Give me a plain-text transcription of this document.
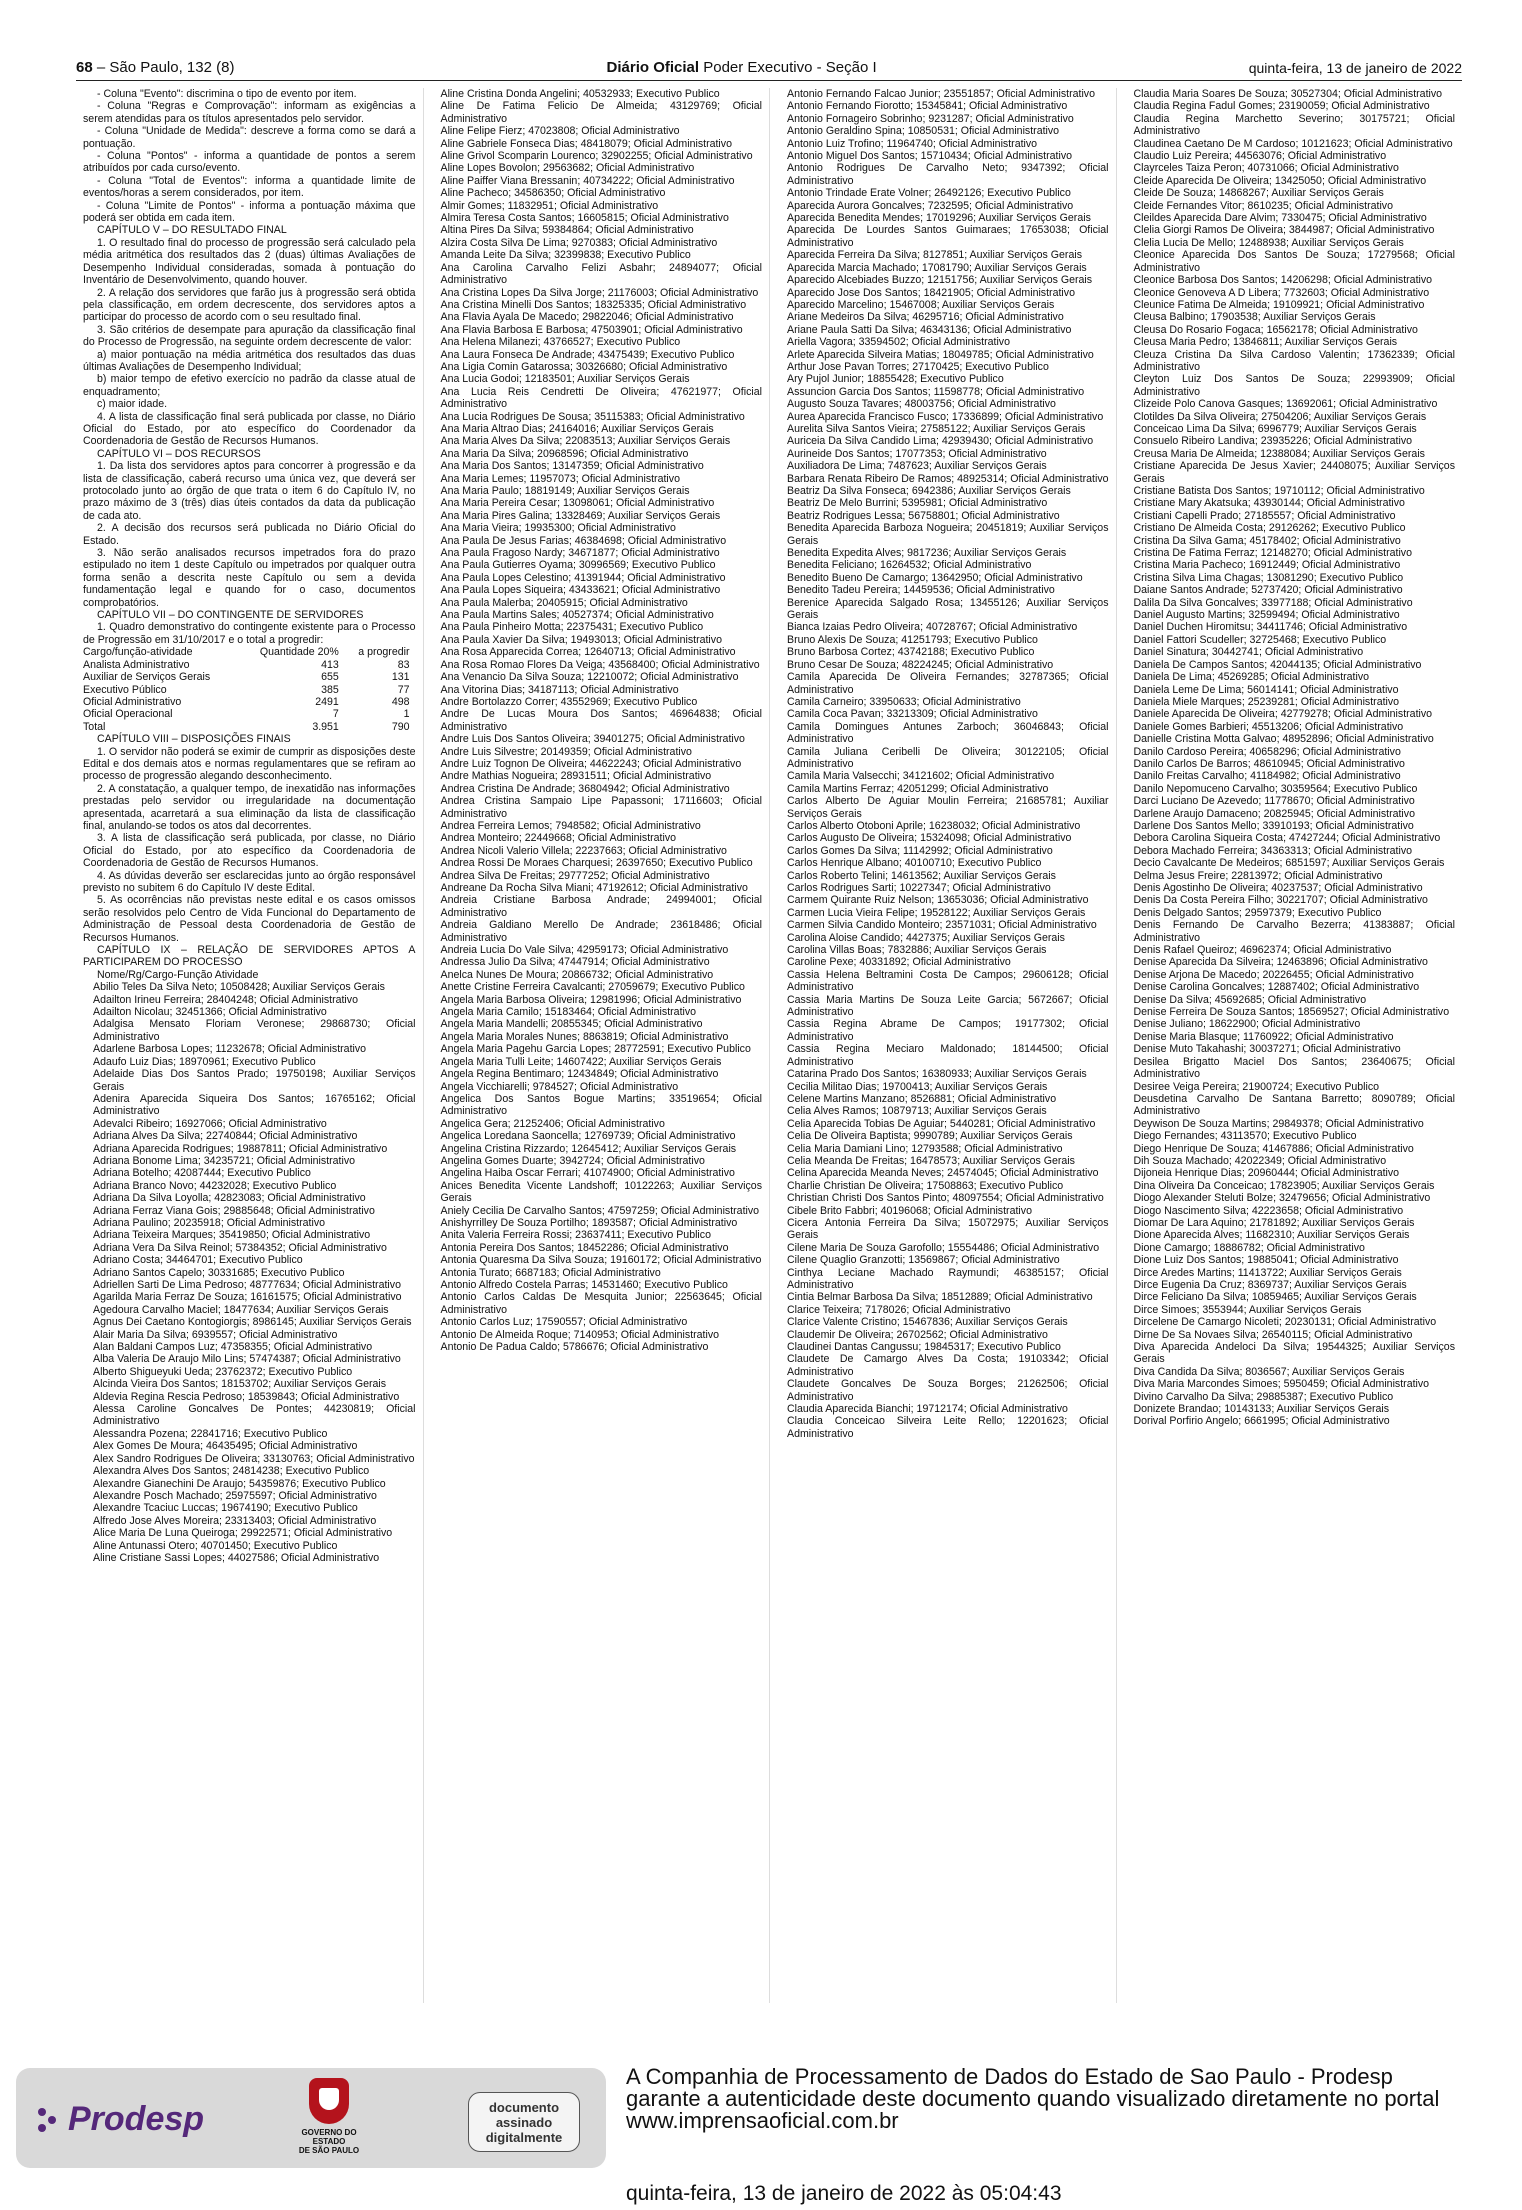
68 – São Paulo, 132 (8)	Diário Oficial Poder Executivo - Seção I	quinta-feira, 13 de janeiro de 2022

- Coluna "Evento": discrimina o tipo de evento por item.

- Coluna "Regras e Comprovação": informam as exigências a serem atendidas para os títulos apresentados pelo servidor.

- Coluna "Unidade de Medida": descreve a forma como se dará a pontuação.

- Coluna "Pontos" - informa a quantidade de pontos a serem atribuídos por cada curso/evento.

- Coluna "Total de Eventos": informa a quantidade limite de eventos/horas a serem considerados, por item.

- Coluna "Limite de Pontos" - informa a pontuação máxima que poderá ser obtida em cada item.

CAPÍTULO V – DO RESULTADO FINAL

1. O resultado final do processo de progressão será calculado pela média aritmética dos resultados das 2 (duas) últimas Avaliações de Desempenho Individual consideradas, somada à pontuação do Inventário de Desenvolvimento, quando houver.

2. A relação dos servidores que farão jus à progressão será obtida pela classificação, em ordem decrescente, dos servidores aptos a participar do processo de acordo com o seu resultado final.

3. São critérios de desempate para apuração da classificação final do Processo de Progressão, na seguinte ordem decrescente de valor:

a) maior pontuação na média aritmética dos resultados das duas últimas Avaliações de Desempenho Individual;

b) maior tempo de efetivo exercício no padrão da classe atual de enquadramento;

c) maior idade.

4. A lista de classificação final será publicada por classe, no Diário Oficial do Estado, por ato específico do Coordenador da Coordenadoria de Gestão de Recursos Humanos.

CAPÍTULO VI – DOS RECURSOS

1. Da lista dos servidores aptos para concorrer à progressão e da lista de classificação, caberá recurso uma única vez, que deverá ser protocolado junto ao órgão de que trata o item 6 do Capítulo IV, no prazo máximo de 3 (três) dias úteis contados da data da publicação de cada ato.

2. A decisão dos recursos será publicada no Diário Oficial do Estado.

3. Não serão analisados recursos impetrados fora do prazo estipulado no item 1 deste Capítulo ou impetrados por qualquer outra forma senão a descrita neste Capítulo ou sem a devida fundamentação legal e quando for o caso, documentos comprobatórios.

CAPÍTULO VII – DO CONTINGENTE DE SERVIDORES

1. Quadro demonstrativo do contingente existente para o Processo de Progressão em 31/10/2017 e o total a progredir:

Cargo/função-atividade	Quantidade 20%	a progredir
Analista Administrativo	413	83
Auxiliar de Serviços Gerais	655	131
Executivo Público	385	77
Oficial Administrativo	2491	498
Oficial Operacional	7	1
Total	3.951	790

CAPÍTULO VIII – DISPOSIÇÕES FINAIS

1. O servidor não poderá se eximir de cumprir as disposições deste Edital e dos demais atos e normas regulamentares que se refiram ao processo de progressão alegando desconhecimento.

2. A constatação, a qualquer tempo, de inexatidão nas informações prestadas pelo servidor ou irregularidade na documentação apresentada, acarretará a sua eliminação da lista de classificação final, anulando-se todos os atos dal decorrentes.

3. A lista de classificação será publicada, por classe, no Diário Oficial do Estado, por ato específico da Coordenadoria de Coordenadoria de Gestão de Recursos Humanos.

4. As dúvidas deverão ser esclarecidas junto ao órgão responsável previsto no subitem 6 do Capítulo IV deste Edital.

5. As ocorrências não previstas neste edital e os casos omissos serão resolvidos pelo Centro de Vida Funcional do Departamento de Administração de Pessoal desta Coordenadoria de Gestão de Recursos Humanos.

CAPÍTULO IX – RELAÇÃO DE SERVIDORES APTOS A PARTICIPAREM DO PROCESSO

Nome/Rg/Cargo-Função Atividade

Abilio Teles Da Silva Neto; 10508428; Auxiliar Serviços Gerais

Adailton Irineu Ferreira; 28404248; Oficial Administrativo

Adailton Nicolau; 32451366; Oficial Administrativo

Adalgisa Mensato Floriam Veronese; 29868730; Oficial Administrativo

Adarlene Barbosa Lopes; 11232678; Oficial Administrativo

Adaufo Luiz Dias; 18970961; Executivo Publico

Adelaide Dias Dos Santos Prado; 19750198; Auxiliar Serviços Gerais

Adenira Aparecida Siqueira Dos Santos; 16765162; Oficial Administrativo

Adevalci Ribeiro; 16927066; Oficial Administrativo

Adriana Alves Da Silva; 22740844; Oficial Administrativo

Adriana Aparecida Rodrigues; 19887811; Oficial Administrativo

Adriana Bonome Lima; 34235721; Oficial Administrativo

Adriana Botelho; 42087444; Executivo Publico

Adriana Branco Novo; 44232028; Executivo Publico

Adriana Da Silva Loyolla; 42823083; Oficial Administrativo

Adriana Ferraz Viana Gois; 29885648; Oficial Administrativo

Adriana Paulino; 20235918; Oficial Administrativo

Adriana Teixeira Marques; 35419850; Oficial Administrativo

Adriana Vera Da Silva Reinol; 57384352; Oficial Administrativo

Adriano Costa; 34464701; Executivo Publico

Adriano Santos Capelo; 30331685; Executivo Publico

Adriellen Sarti De Lima Pedroso; 48777634; Oficial Administrativo

Agarilda Maria Ferraz De Souza; 16161575; Oficial Administrativo

Agedoura Carvalho Maciel; 18477634; Auxiliar Serviços Gerais

Agnus Dei Caetano Kontogiorgis; 8986145; Auxiliar Serviços Gerais

Alair Maria Da Silva; 6939557; Oficial Administrativo

Alan Baldani Campos Luz; 47358355; Oficial Administrativo

Alba Valeria De Araujo Milo Lins; 57474387; Oficial Administrativo

Alberto Shigueyuki Ueda; 23762372; Executivo Publico

Alcinda Vieira Dos Santos; 18153702; Auxiliar Serviços Gerais

Aldevia Regina Rescia Pedroso; 18539843; Oficial Administrativo

Alessa Caroline Goncalves De Pontes; 44230819; Oficial Administrativo

Alessandra Pozena; 22841716; Executivo Publico

Alex Gomes De Moura; 46435495; Oficial Administrativo

Alex Sandro Rodrigues De Oliveira; 33130763; Oficial Administrativo

Alexandra Alves Dos Santos; 24814238; Executivo Publico

Alexandre Gianechini De Araujo; 54359876; Executivo Publico

Alexandre Posch Machado; 25975597; Oficial Administrativo

Alexandre Tcaciuc Luccas; 19674190; Executivo Publico

Alfredo Jose Alves Moreira; 23313403; Oficial Administrativo

Alice Maria De Luna Queiroga; 29922571; Oficial Administrativo

Aline Antunassi Otero; 40701450; Executivo Publico

Aline Cristiane Sassi Lopes; 44027586; Oficial Administrativo

Aline Cristina Donda Angelini; 40532933; Executivo Publico

Aline De Fatima Felicio De Almeida; 43129769; Oficial Administrativo

Aline Felipe Fierz; 47023808; Oficial Administrativo

Aline Gabriele Fonseca Dias; 48418079; Oficial Administrativo

Aline Grivol Scomparin Lourenco; 32902255; Oficial Administrativo

Aline Lopes Bovolon; 29563682; Oficial Administrativo

Aline Paiffer Viana Bressanin; 40734222; Oficial Administrativo

Aline Pacheco; 34586350; Oficial Administrativo

Almir Gomes; 11832951; Oficial Administrativo

Almira Teresa Costa Santos; 16605815; Oficial Administrativo

Altina Pires Da Silva; 59384864; Oficial Administrativo

Alzira Costa Silva De Lima; 9270383; Oficial Administrativo

Amanda Leite Da Silva; 32399838; Executivo Publico

Ana Carolina Carvalho Felizi Asbahr; 24894077; Oficial Administrativo

Ana Cristina Lopes Da Silva Jorge; 21176003; Oficial Administrativo

Ana Cristina Minelli Dos Santos; 18325335; Oficial Administrativo

Ana Flavia Ayala De Macedo; 29822046; Oficial Administrativo

Ana Flavia Barbosa E Barbosa; 47503901; Oficial Administrativo

Ana Helena Milanezi; 43766527; Executivo Publico

Ana Laura Fonseca De Andrade; 43475439; Executivo Publico

Ana Ligia Comin Gatarossa; 30326680; Oficial Administrativo

Ana Lucia Godoi; 12183501; Auxiliar Serviços Gerais

Ana Lucia Reis Cendretti De Oliveira; 47621977; Oficial Administrativo

Ana Lucia Rodrigues De Sousa; 35115383; Oficial Administrativo

Ana Maria Altrao Dias; 24164016; Auxiliar Serviços Gerais

Ana Maria Alves Da Silva; 22083513; Auxiliar Serviços Gerais

Ana Maria Da Silva; 20968596; Oficial Administrativo

Ana Maria Dos Santos; 13147359; Oficial Administrativo

Ana Maria Lemes; 11957073; Oficial Administrativo

Ana Maria Paulo; 18819149; Auxiliar Serviços Gerais

Ana Maria Pereira Cesar; 13098061; Oficial Administrativo

Ana Maria Pires Galina; 13328469; Auxiliar Serviços Gerais

Ana Maria Vieira; 19935300; Oficial Administrativo

Ana Paula De Jesus Farias; 46384698; Oficial Administrativo

Ana Paula Fragoso Nardy; 34671877; Oficial Administrativo

Ana Paula Gutierres Oyama; 30996569; Executivo Publico

Ana Paula Lopes Celestino; 41391944; Oficial Administrativo

Ana Paula Lopes Siqueira; 43433621; Oficial Administrativo

Ana Paula Malerba; 20405915; Oficial Administrativo

Ana Paula Martins Sales; 40527374; Oficial Administrativo

Ana Paula Pinheiro Motta; 22375431; Executivo Publico

Ana Paula Xavier Da Silva; 19493013; Oficial Administrativo

Ana Rosa Apparecida Correa; 12640713; Oficial Administrativo

Ana Rosa Romao Flores Da Veiga; 43568400; Oficial Administrativo

Ana Venancio Da Silva Souza; 12210072; Oficial Administrativo

Ana Vitorina Dias; 34187113; Oficial Administrativo

Andre Bortolazzo Correr; 43552969; Executivo Publico

Andre De Lucas Moura Dos Santos; 46964838; Oficial Administrativo

Andre Luis Dos Santos Oliveira; 39401275; Oficial Administrativo

Andre Luis Silvestre; 20149359; Oficial Administrativo

Andre Luiz Tognon De Oliveira; 44622243; Oficial Administrativo

Andre Mathias Nogueira; 28931511; Oficial Administrativo

Andrea Cristina De Andrade; 36804942; Oficial Administrativo

Andrea Cristina Sampaio Lipe Papassoni; 17116603; Oficial Administrativo

Andrea Ferreira Lemos; 7948582; Oficial Administrativo

Andrea Monteiro; 22449668; Oficial Administrativo

Andrea Nicoli Valerio Villela; 22237663; Oficial Administrativo

Andrea Rossi De Moraes Charquesi; 26397650; Executivo Publico

Andrea Silva De Freitas; 29777252; Oficial Administrativo

Andreane Da Rocha Silva Miani; 47192612; Oficial Administrativo

Andreia Cristiane Barbosa Andrade; 24994001; Oficial Administrativo

Andreia Galdiano Merello De Andrade; 23618486; Oficial Administrativo

Andreia Lucia Do Vale Silva; 42959173; Oficial Administrativo

Andressa Julio Da Silva; 47447914; Oficial Administrativo

Anelca Nunes De Moura; 20866732; Oficial Administrativo

Anette Cristine Ferreira Cavalcanti; 27059679; Executivo Publico

Angela Maria Barbosa Oliveira; 12981996; Oficial Administrativo

Angela Maria Camilo; 15183464; Oficial Administrativo

Angela Maria Mandelli; 20855345; Oficial Administrativo

Angela Maria Morales Nunes; 8863819; Oficial Administrativo

Angela Maria Pagehu Garcia Lopes; 28772591; Executivo Publico

Angela Maria Tulli Leite; 14607422; Auxiliar Serviços Gerais

Angela Regina Bentimaro; 12434849; Oficial Administrativo

Angela Vicchiarelli; 9784527; Oficial Administrativo

Angelica Dos Santos Bogue Martins; 33519654; Oficial Administrativo

Angelica Gera; 21252406; Oficial Administrativo

Angelica Loredana Saoncella; 12769739; Oficial Administrativo

Angelina Cristina Rizzardo; 12645412; Auxiliar Serviços Gerais

Angelina Gomes Duarte; 3942724; Oficial Administrativo

Angelina Haiba Oscar Ferrari; 41074900; Oficial Administrativo

Anices Benedita Vicente Landshoff; 10122263; Auxiliar Serviços Gerais

Aniely Cecilia De Carvalho Santos; 47597259; Oficial Administrativo

Anishyrrilley De Souza Portilho; 1893587; Oficial Administrativo

Anita Valeria Ferreira Rossi; 23637411; Executivo Publico

Antonia Pereira Dos Santos; 18452286; Oficial Administrativo

Antonia Quaresma Da Silva Souza; 19160172; Oficial Administrativo

Antonia Turato; 6687183; Oficial Administrativo

Antonio Alfredo Costela Parras; 14531460; Executivo Publico

Antonio Carlos Caldas De Mesquita Junior; 22563645; Oficial Administrativo

Antonio Carlos Luz; 17590557; Oficial Administrativo

Antonio De Almeida Roque; 7140953; Oficial Administrativo

Antonio De Padua Caldo; 5786676; Oficial Administrativo

Antonio Fernando Falcao Junior; 23551857; Oficial Administrativo

Antonio Fernando Fiorotto; 15345841; Oficial Administrativo

Antonio Fornageiro Sobrinho; 9231287; Oficial Administrativo

Antonio Geraldino Spina; 10850531; Oficial Administrativo

Antonio Luiz Trofino; 11964740; Oficial Administrativo

Antonio Miguel Dos Santos; 15710434; Oficial Administrativo

Antonio Rodrigues De Carvalho Neto; 9347392; Oficial Administrativo

Antonio Trindade Erate Volner; 26492126; Executivo Publico

Aparecida Aurora Goncalves; 7232595; Oficial Administrativo

Aparecida Benedita Mendes; 17019296; Auxiliar Serviços Gerais

Aparecida De Lourdes Santos Guimaraes; 17653038; Oficial Administrativo

Aparecida Ferreira Da Silva; 8127851; Auxiliar Serviços Gerais

Aparecida Marcia Machado; 17081790; Auxiliar Serviços Gerais

Aparecido Alcebiades Buzzo; 12151756; Auxiliar Serviços Gerais

Aparecido Jose Dos Santos; 18421905; Oficial Administrativo

Aparecido Marcelino; 15467008; Auxiliar Serviços Gerais

Ariane Medeiros Da Silva; 46295716; Oficial Administrativo

Ariane Paula Satti Da Silva; 46343136; Oficial Administrativo

Ariella Vagora; 33594502; Oficial Administrativo

Arlete Aparecida Silveira Matias; 18049785; Oficial Administrativo

Arthur Jose Pavan Torres; 27170425; Executivo Publico

Ary Pujol Junior; 18855428; Executivo Publico

Assuncion Garcia Dos Santos; 11598778; Oficial Administrativo

Augusto Souza Tavares; 48003756; Oficial Administrativo

Aurea Aparecida Francisco Fusco; 17336899; Oficial Administrativo

Aurelita Silva Santos Vieira; 27585122; Auxiliar Serviços Gerais

Auriceia Da Silva Candido Lima; 42939430; Oficial Administrativo

Aurineide Dos Santos; 17077353; Oficial Administrativo

Auxiliadora De Lima; 7487623; Auxiliar Serviços Gerais

Barbara Renata Ribeiro De Ramos; 48925314; Oficial Administrativo

Beatriz Da Silva Fonseca; 6942386; Auxiliar Serviços Gerais

Beatriz De Melo Burrini; 5395981; Oficial Administrativo

Beatriz Rodrigues Lessa; 56758801; Oficial Administrativo

Benedita Aparecida Barboza Nogueira; 20451819; Auxiliar Serviços Gerais

Benedita Expedita Alves; 9817236; Auxiliar Serviços Gerais

Benedita Feliciano; 16264532; Oficial Administrativo

Benedito Bueno De Camargo; 13642950; Oficial Administrativo

Benedito Tadeu Pereira; 14459536; Oficial Administrativo

Berenice Aparecida Salgado Rosa; 13455126; Auxiliar Serviços Gerais

Bianca Izaias Pedro Oliveira; 40728767; Oficial Administrativo

Bruno Alexis De Souza; 41251793; Executivo Publico

Bruno Barbosa Cortez; 43742188; Executivo Publico

Bruno Cesar De Souza; 48224245; Oficial Administrativo

Camila Aparecida De Oliveira Fernandes; 32787365; Oficial Administrativo

Camila Carneiro; 33950633; Oficial Administrativo

Camila Coca Pavan; 33213309; Oficial Administrativo

Camila Domingues Antunes Zarboch; 36046843; Oficial Administrativo

Camila Juliana Ceribelli De Oliveira; 30122105; Oficial Administrativo

Camila Maria Valsecchi; 34121602; Oficial Administrativo

Camila Martins Ferraz; 42051299; Oficial Administrativo

Carlos Alberto De Aguiar Moulin Ferreira; 21685781; Auxiliar Serviços Gerais

Carlos Alberto Otoboni Aprile; 16238032; Oficial Administrativo

Carlos Augusto De Oliveira; 15324098; Oficial Administrativo

Carlos Gomes Da Silva; 11142992; Oficial Administrativo

Carlos Henrique Albano; 40100710; Executivo Publico

Carlos Roberto Telini; 14613562; Auxiliar Serviços Gerais

Carlos Rodrigues Sarti; 10227347; Oficial Administrativo

Carmem Quirante Ruiz Nelson; 13653036; Oficial Administrativo

Carmen Lucia Vieira Felipe; 19528122; Auxiliar Serviços Gerais

Carmen Silvia Candido Monteiro; 23571031; Oficial Administrativo

Carolina Aloise Candido; 4427375; Auxiliar Serviços Gerais

Carolina Villas Boas; 7832886; Auxiliar Serviços Gerais

Caroline Pexe; 40331892; Oficial Administrativo

Cassia Helena Beltramini Costa De Campos; 29606128; Oficial Administrativo

Cassia Maria Martins De Souza Leite Garcia; 5672667; Oficial Administrativo

Cassia Regina Abrame De Campos; 19177302; Oficial Administrativo

Cassia Regina Meciaro Maldonado; 18144500; Oficial Administrativo

Catarina Prado Dos Santos; 16380933; Auxiliar Serviços Gerais

Cecilia Militao Dias; 19700413; Auxiliar Serviços Gerais

Celene Martins Manzano; 8526881; Oficial Administrativo

Celia Alves Ramos; 10879713; Auxiliar Serviços Gerais

Celia Aparecida Tobias De Aguiar; 5440281; Oficial Administrativo

Celia De Oliveira Baptista; 9990789; Auxiliar Serviços Gerais

Celia Maria Damiani Lino; 12793588; Oficial Administrativo

Celia Meanda De Freitas; 16478573; Auxiliar Serviços Gerais

Celina Aparecida Meanda Neves; 24574045; Oficial Administrativo

Charlie Christian De Oliveira; 17508863; Executivo Publico

Christian Christi Dos Santos Pinto; 48097554; Oficial Administrativo

Cibele Brito Fabbri; 40196068; Oficial Administrativo

Cicera Antonia Ferreira Da Silva; 15072975; Auxiliar Serviços Gerais

Cilene Maria De Souza Garofollo; 15554486; Oficial Administrativo

Cilene Quaglio Granzotti; 13569867; Oficial Administrativo

Cinthya Leciane Machado Raymundi; 46385157; Oficial Administrativo

Cintia Belmar Barbosa Da Silva; 18512889; Oficial Administrativo

Clarice Teixeira; 7178026; Oficial Administrativo

Clarice Valente Cristino; 15467836; Auxiliar Serviços Gerais

Claudemir De Oliveira; 26702562; Oficial Administrativo

Claudinei Dantas Cangussu; 19845317; Executivo Publico

Claudete De Camargo Alves Da Costa; 19103342; Oficial Administrativo

Claudete Goncalves De Souza Borges; 21262506; Oficial Administrativo

Claudia Aparecida Bianchi; 19712174; Oficial Administrativo

Claudia Conceicao Silveira Leite Rello; 12201623; Oficial Administrativo

Claudia Maria Soares De Souza; 30527304; Oficial Administrativo

Claudia Regina Fadul Gomes; 23190059; Oficial Administrativo

Claudia Regina Marchetto Severino; 30175721; Oficial Administrativo

Claudinea Caetano De M Cardoso; 10121623; Oficial Administrativo

Claudio Luiz Pereira; 44563076; Oficial Administrativo

Clayrceles Taiza Peron; 40731066; Oficial Administrativo

Cleide Aparecida De Oliveira; 13425050; Oficial Administrativo

Cleide De Souza; 14868267; Auxiliar Serviços Gerais

Cleide Fernandes Vitor; 8610235; Oficial Administrativo

Cleildes Aparecida Dare Alvim; 7330475; Oficial Administrativo

Clelia Giorgi Ramos De Oliveira; 3844987; Oficial Administrativo

Clelia Lucia De Mello; 12488938; Auxiliar Serviços Gerais

Cleonice Aparecida Dos Santos De Souza; 17279568; Oficial Administrativo

Cleonice Barbosa Dos Santos; 14206298; Oficial Administrativo

Cleonice Genoveva A D Libera; 7732603; Oficial Administrativo

Cleunice Fatima De Almeida; 19109921; Oficial Administrativo

Cleusa Balbino; 17903538; Auxiliar Serviços Gerais

Cleusa Do Rosario Fogaca; 16562178; Oficial Administrativo

Cleusa Maria Pedro; 13846811; Auxiliar Serviços Gerais

Cleuza Cristina Da Silva Cardoso Valentin; 17362339; Oficial Administrativo

Cleyton Luiz Dos Santos De Souza; 22993909; Oficial Administrativo

Clizeide Polo Canova Gasques; 13692061; Oficial Administrativo

Clotildes Da Silva Oliveira; 27504206; Auxiliar Serviços Gerais

Conceicao Lima Da Silva; 6996779; Auxiliar Serviços Gerais

Consuelo Ribeiro Landiva; 23935226; Oficial Administrativo

Creusa Maria De Almeida; 12388084; Auxiliar Serviços Gerais

Cristiane Aparecida De Jesus Xavier; 24408075; Auxiliar Serviços Gerais

Cristiane Batista Dos Santos; 19710112; Oficial Administrativo

Cristiane Mary Akatsuka; 43930144; Oficial Administrativo

Cristiani Capelli Prado; 27185557; Oficial Administrativo

Cristiano De Almeida Costa; 29126262; Executivo Publico

Cristina Da Silva Gama; 45178402; Oficial Administrativo

Cristina De Fatima Ferraz; 12148270; Oficial Administrativo

Cristina Maria Pacheco; 16912449; Oficial Administrativo

Cristina Silva Lima Chagas; 13081290; Executivo Publico

Daiane Santos Andrade; 52737420; Oficial Administrativo

Dalila Da Silva Goncalves; 33977188; Oficial Administrativo

Daniel Augusto Martins; 32599494; Oficial Administrativo

Daniel Duchen Hiromitsu; 34411746; Oficial Administrativo

Daniel Fattori Scudeller; 32725468; Executivo Publico

Daniel Sinatura; 30442741; Oficial Administrativo

Daniela De Campos Santos; 42044135; Oficial Administrativo

Daniela De Lima; 45269285; Oficial Administrativo

Daniela Leme De Lima; 56014141; Oficial Administrativo

Daniela Miele Marques; 25239281; Oficial Administrativo

Daniele Aparecida De Oliveira; 42779278; Oficial Administrativo

Daniele Gomes Barbieri; 45513206; Oficial Administrativo

Danielle Cristina Motta Galvao; 48952896; Oficial Administrativo

Danilo Cardoso Pereira; 40658296; Oficial Administrativo

Danilo Carlos De Barros; 48610945; Oficial Administrativo

Danilo Freitas Carvalho; 41184982; Oficial Administrativo

Danilo Nepomuceno Carvalho; 30359564; Executivo Publico

Darci Luciano De Azevedo; 11778670; Oficial Administrativo

Darlene Araujo Damaceno; 20825945; Oficial Administrativo

Darlene Dos Santos Mello; 33910193; Oficial Administrativo

Debora Carolina Siqueira Costa; 47427244; Oficial Administrativo

Debora Machado Ferreira; 34363313; Oficial Administrativo

Decio Cavalcante De Medeiros; 6851597; Auxiliar Serviços Gerais

Delma Jesus Freire; 22813972; Oficial Administrativo

Denis Agostinho De Oliveira; 40237537; Oficial Administrativo

Denis Da Costa Pereira Filho; 30221707; Oficial Administrativo

Denis Delgado Santos; 29597379; Executivo Publico

Denis Fernando De Carvalho Bezerra; 41383887; Oficial Administrativo

Denis Rafael Queiroz; 46962374; Oficial Administrativo

Denise Aparecida Da Silveira; 12463896; Oficial Administrativo

Denise Arjona De Macedo; 20226455; Oficial Administrativo

Denise Carolina Goncalves; 12887402; Oficial Administrativo

Denise Da Silva; 45692685; Oficial Administrativo

Denise Ferreira De Souza Santos; 18569527; Oficial Administrativo

Denise Juliano; 18622900; Oficial Administrativo

Denise Maria Blasque; 11760922; Oficial Administrativo

Denise Muto Takahashi; 30037271; Oficial Administrativo

Desilea Brigatto Maciel Dos Santos; 23640675; Oficial Administrativo

Desiree Veiga Pereira; 21900724; Executivo Publico

Deusdetina Carvalho De Santana Barretto; 8090789; Oficial Administrativo

Deywison De Souza Martins; 29849378; Oficial Administrativo

Diego Fernandes; 43113570; Executivo Publico

Diego Henrique De Souza; 41467886; Oficial Administrativo

Dih Souza Machado; 42022349; Oficial Administrativo

Dijoneia Henrique Dias; 20960444; Oficial Administrativo

Dina Oliveira Da Conceicao; 17823905; Auxiliar Serviços Gerais

Diogo Alexander Steluti Bolze; 32479656; Oficial Administrativo

Diogo Nascimento Silva; 42223658; Oficial Administrativo

Diomar De Lara Aquino; 21781892; Auxiliar Serviços Gerais

Dione Aparecida Alves; 11682310; Auxiliar Serviços Gerais

Dione Camargo; 18886782; Oficial Administrativo

Dione Luiz Dos Santos; 19885041; Oficial Administrativo

Dirce Aredes Martins; 11413722; Auxiliar Serviços Gerais

Dirce Eugenia Da Cruz; 8369737; Auxiliar Serviços Gerais

Dirce Feliciano Da Silva; 10859465; Auxiliar Serviços Gerais

Dirce Simoes; 3553944; Auxiliar Serviços Gerais

Dircelene De Camargo Nicoleti; 20230131; Oficial Administrativo

Dirne De Sa Novaes Silva; 26540115; Oficial Administrativo

Diva Aparecida Andeloci Da Silva; 19544325; Auxiliar Serviços Gerais

Diva Candida Da Silva; 8036567; Auxiliar Serviços Gerais

Diva Maria Marcondes Simoes; 5950459; Oficial Administrativo

Divino Carvalho Da Silva; 29885387; Executivo Publico

Donizete Brandao; 10143133; Auxiliar Serviços Gerais

Dorival Porfirio Angelo; 6661995; Oficial Administrativo

Prodesp	GOVERNO DO ESTADO
DE SÃO PAULO
documento
assinado
digitalmente
A Companhia de Processamento de Dados do Estado de Sao Paulo - Prodesp garante a autenticidade deste documento quando visualizado diretamente no portal www.imprensaoficial.com.br
quinta-feira, 13 de janeiro de 2022 às 05:04:43
